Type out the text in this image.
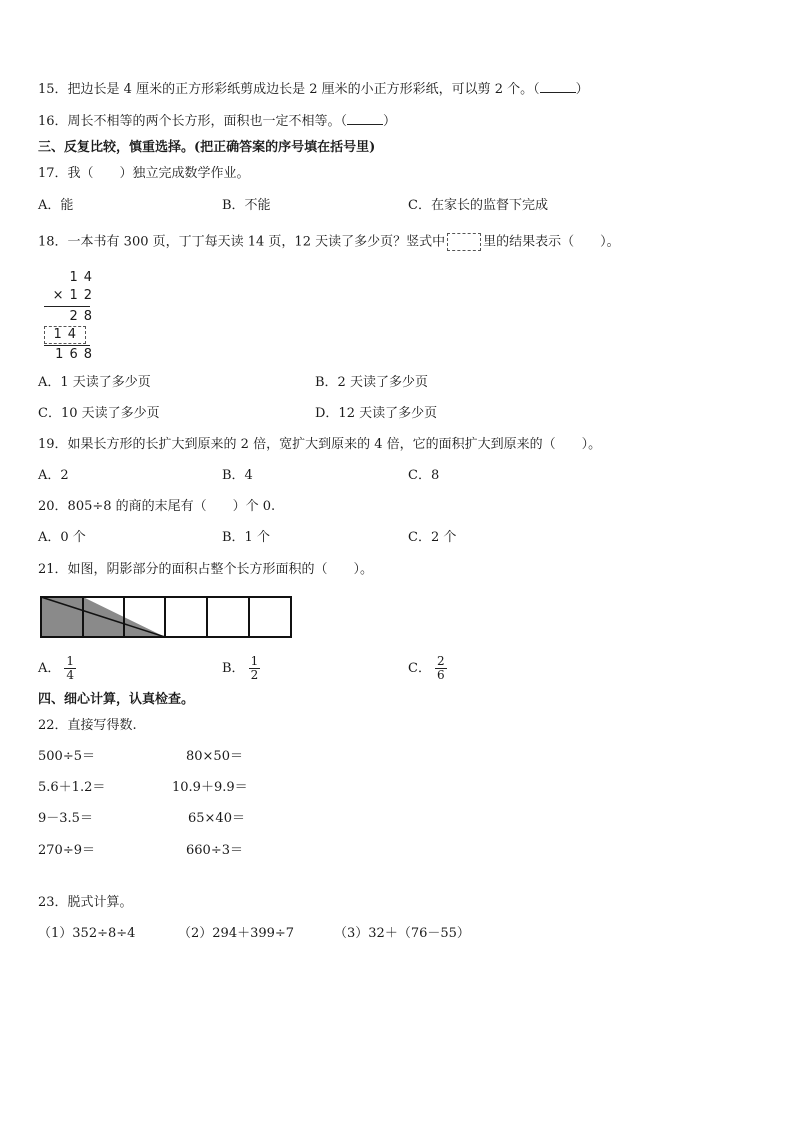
15．把边长是 4 厘米的正方形彩纸剪成边长是 2 厘米的小正方形彩纸，可以剪 2 个。（	）
16．周长不相等的两个长方形，面积也一定不相等。（	）
三、反复比较，慎重选择。(把正确答案的序号填在括号里)
17．我（　　）独立完成数学作业。
A．能	B．不能	C．在家长的监督下完成
18．一本书有 300 页，丁丁每天读 14 页，12 天读了多少页？竖式中	里的结果表示（　　）。
14
×12
28
14
168
A．1 天读了多少页	B．2 天读了多少页
C．10 天读了多少页	D．12 天读了多少页
19．如果长方形的长扩大到原来的 2 倍，宽扩大到原来的 4 倍，它的面积扩大到原来的（　　）。
A．2	B．4	C．8
20．805÷8 的商的末尾有（　　）个 0.
A．0 个	B．1 个	C．2 个
21．如图，阴影部分的面积占整个长方形面积的（　　）。
A． $\frac{1}{4}$	B． $\frac{1}{2}$	C． $\frac{2}{6}$
四、细心计算，认真检查。
22．直接写得数.
500÷5＝	80×50＝
5.6＋1.2＝	10.9＋9.9＝
9－3.5＝	65×40＝
270÷9＝	660÷3＝
23．脱式计算。
（1）352÷8÷4	（2）294＋399÷7	（3）32＋（76－55）
